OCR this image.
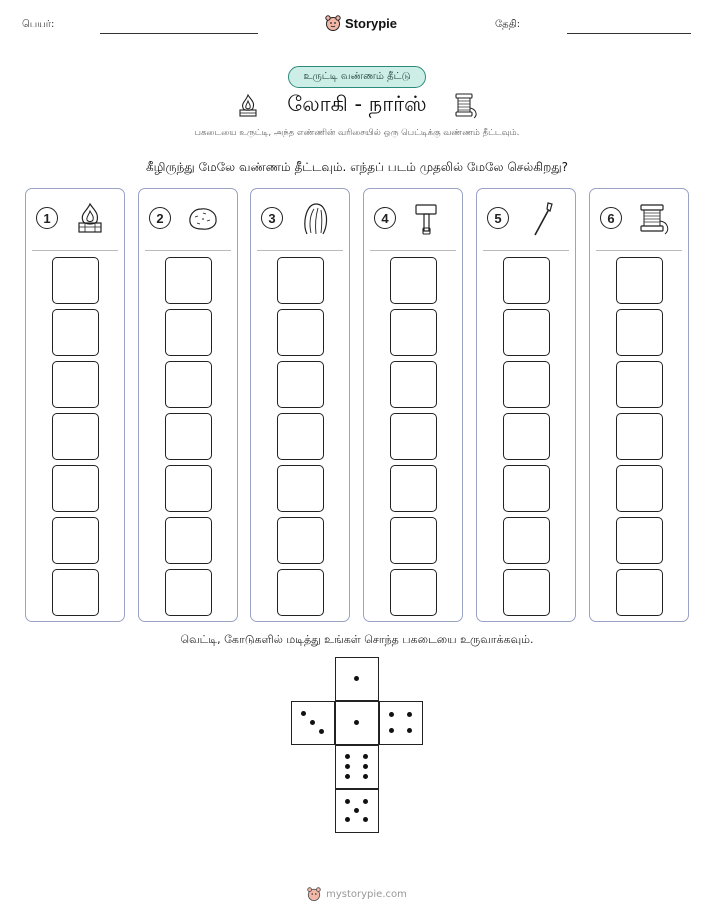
பெயர்:	Storypie	தேதி:
உருட்டி வண்ணம் தீட்டு
லோகி - நார்ஸ்
பகடையை உருட்டி, அந்த எண்ணின் வரிசையில் ஒரு பெட்டிக்கு வண்ணம் தீட்டவும்.
கீழிருந்து மேலே வண்ணம் தீட்டவும். எந்தப் படம் முதலில் மேலே செல்கிறது?
1	2	3	4	5	6
வெட்டி, கோடுகளில் மடித்து உங்கள் சொந்த பகடையை உருவாக்கவும்.
mystorypie.com
